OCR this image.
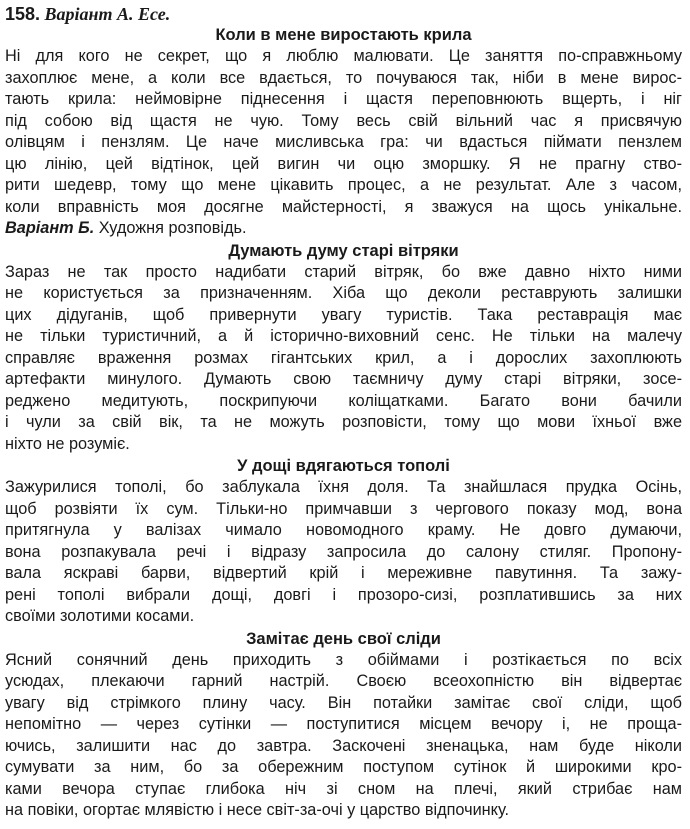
158. Варіант А. Есе.
Коли в мене виростають крила
Ні для кого не секрет, що я люблю малювати. Це заняття по-справжньому
захоплює мене, а коли все вдається, то почуваюся так, ніби в мене вирос-
тають крила: неймовірне піднесення і щастя переповнюють вщерть, і нiг
під собою від щастя не чую. Тому весь свій вільний час я присвячую
олівцям і пензлям. Це наче мисливська гра: чи вдасться піймати пензлем
цю лінію, цей відтінок, цей вигин чи оцю зморшку. Я не прагну ство-
рити шедевр, тому що мене цікавить процес, а не результат. Але з часом,
коли вправність моя досягне майстерності, я зважуся на щось унікальне.
Варіант Б. Художня розповідь.
Думають думу старі вітряки
Зараз не так просто надибати старий вітряк, бо вже давно ніхто ними
не користується за призначенням. Хіба що деколи реставрують залишки
цих дідуганів, щоб привернути увагу туристів. Така реставрація має
не тільки туристичний, а й історично-виховний сенс. Не тільки на малечу
справляє враження розмах гігантських крил, а і дорослих захоплюють
артефакти минулого. Думають свою таємничу думу старі вітряки, зосе-
реджено медитують, поскрипуючи коліщатками. Багато вони бачили
і чули за свій вік, та не можуть розповісти, тому що мови їхньої вже
ніхто не розуміє.
У дощі вдягаються тополі
Зажурилися тополі, бо заблукала їхня доля. Та знайшлася прудка Осінь,
щоб розвіяти їх сум. Тільки-но примчавши з чергового показу мод, вона
притягнула у валізах чимало новомодного краму. Не довго думаючи,
вона розпакувала речі і відразу запросила до салону стиляг. Пропону-
вала яскраві барви, відвертий крій і мереживне павутиння. Та зажу-
рені тополі вибрали дощі, довгі і прозоро-сизі, розплатившись за них
своїми золотими косами.
Замітає день свої сліди
Ясний сонячний день приходить з обіймами і розтікається по всіх
усюдах, плекаючи гарний настрій. Своєю всеохопністю він відвертає
увагу від стрімкого плину часу. Він потайки замітає свої сліди, щоб
непомітно — через сутінки — поступитися місцем вечору і, не проща-
ючись, залишити нас до завтра. Заскочені зненацька, нам буде ніколи
сумувати за ним, бо за обережним поступом сутінок й широкими кро-
ками вечора ступає глибока ніч зі сном на плечі, який стрибає нам
на повіки, огортає млявістю і несе світ-за-очі у царство відпочинку.
